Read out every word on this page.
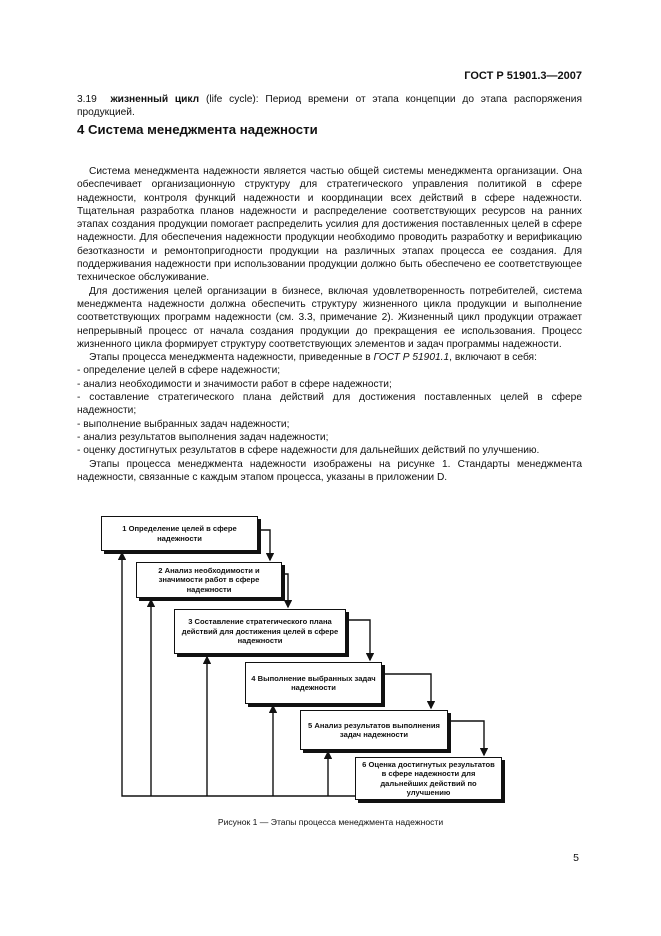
ГОСТ Р 51901.3—2007
3.19 жизненный цикл (life cycle): Период времени от этапа концепции до этапа распоряжения продукцией.
4 Система менеджмента надежности

Система менеджмента надежности является частью общей системы менеджмента организации. Она обеспечивает организационную структуру для стратегического управления политикой в сфере надежности, контроля функций надежности и координации всех действий в сфере надежности. Тщательная разработка планов надежности и распределение соответствующих ресурсов на ранних этапах создания продукции помогает распределить усилия для достижения поставленных целей в сфере надежности. Для обеспечения надежности продукции необходимо проводить разработку и верификацию безотказности и ремонтопригодности продукции на различных этапах процесса ее создания. Для поддерживания надежности при использовании продукции должно быть обеспечено ее соответствующее техническое обслуживание.

Для достижения целей организации в бизнесе, включая удовлетворенность потребителей, система менеджмента надежности должна обеспечить структуру жизненного цикла продукции и выполнение соответствующих программ надежности (см. 3.3, примечание 2). Жизненный цикл продукции отражает непрерывный процесс от начала создания продукции до прекращения ее использования. Процесс жизненного цикла формирует структуру соответствующих элементов и задач программы надежности.

Этапы процесса менеджмента надежности, приведенные в ГОСТ Р 51901.1, включают в себя:

- определение целей в сфере надежности;
- анализ необходимости и значимости работ в сфере надежности;
- составление стратегического плана действий для достижения поставленных целей в сфере надежности;
- выполнение выбранных задач надежности;
- анализ результатов выполнения задач надежности;
- оценку достигнутых результатов в сфере надежности для дальнейших действий по улучшению.

Этапы процесса менеджмента надежности изображены на рисунке 1. Стандарты менеджмента надежности, связанные с каждым этапом процесса, указаны в приложении D.

1 Определение целей в сфере надежности
2 Анализ необходимости и значимости работ в сфере надежности
3 Составление стратегического плана действий для достижения целей в сфере надежности
4 Выполнение выбранных задач надежности
5 Анализ результатов выполнения задач надежности
6 Оценка достигнутых результатов в сфере надежности для дальнейших действий по улучшению
Рисунок 1 — Этапы процесса менеджмента надежности
5
